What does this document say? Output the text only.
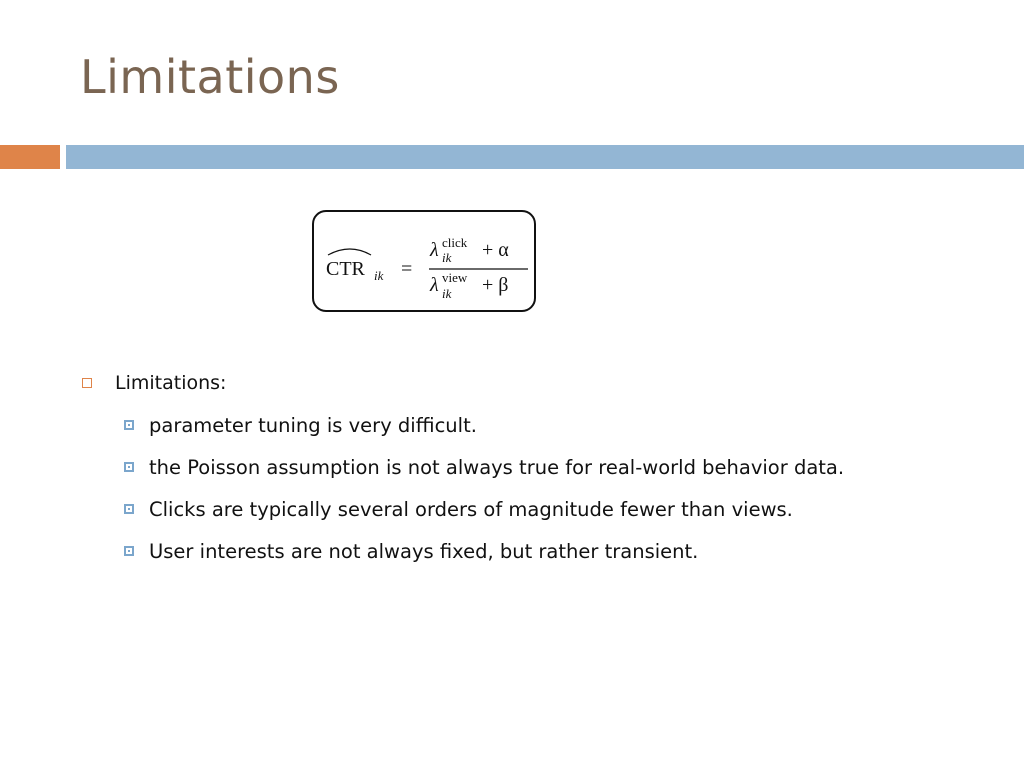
Limitations
CTR ik =
λ click
ik + α
λ view
ik + β
Limitations:
parameter tuning is very difficult.
the Poisson assumption is not always true for real-world behavior data.
Clicks are typically several orders of magnitude fewer than views.
User interests are not always fixed, but rather transient.
